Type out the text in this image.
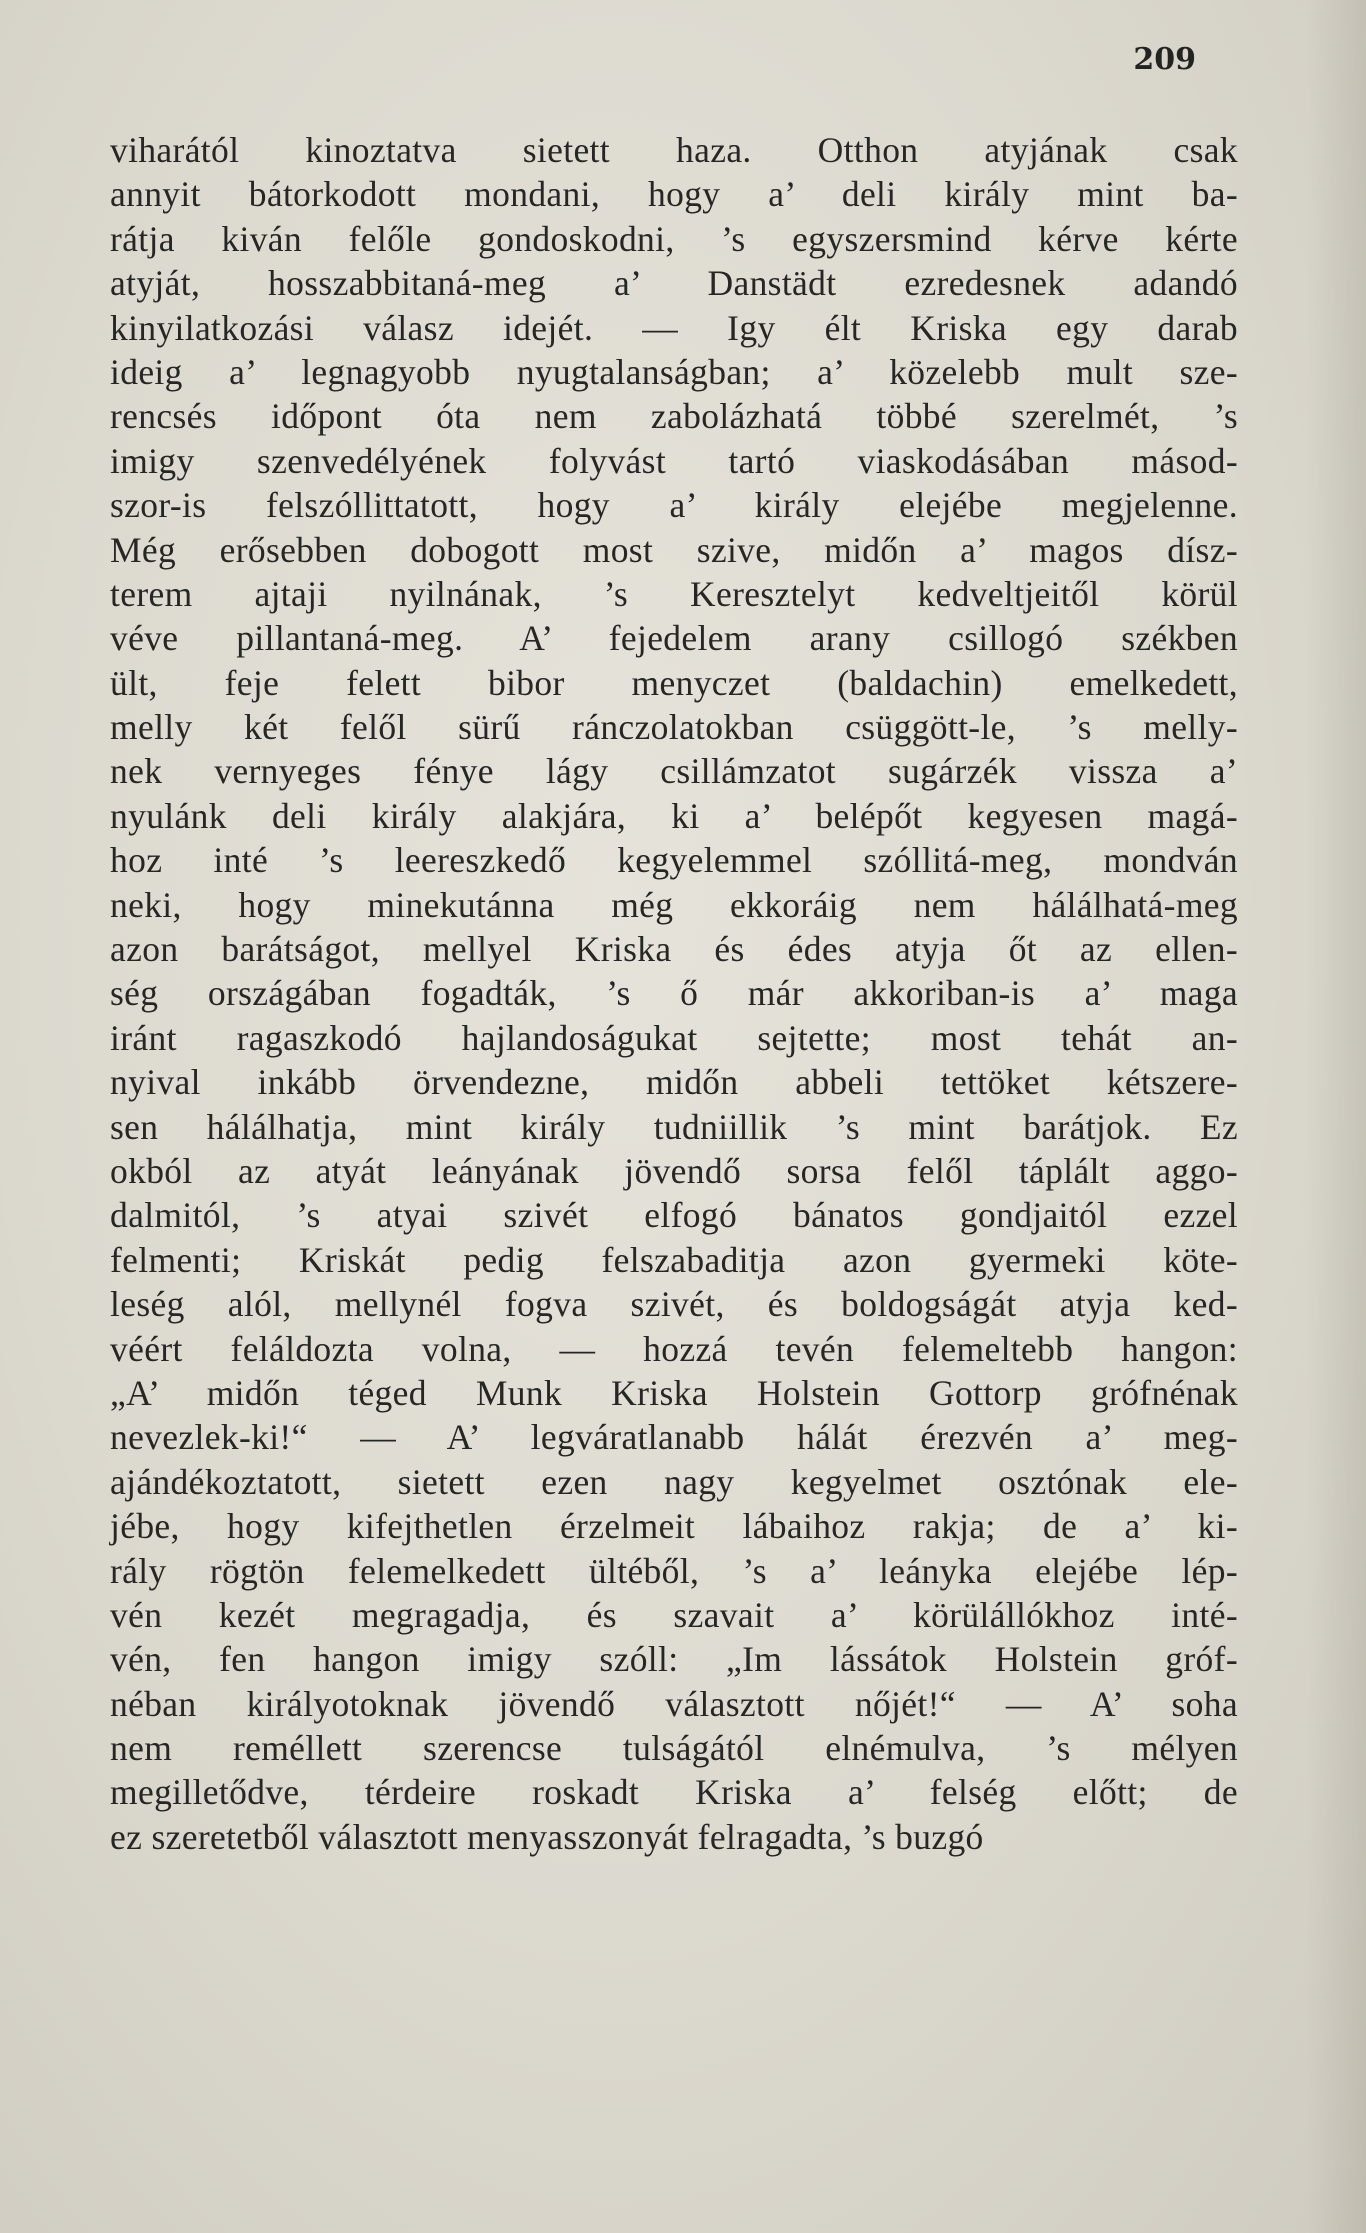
209
viharától kinoztatva sietett haza. Otthon atyjának csak
annyit bátorkodott mondani, hogy a’ deli király mint ba-
rátja kiván felőle gondoskodni, ’s egyszersmind kérve kérte
atyját, hosszabbitaná-meg a’ Danstädt ezredesnek adandó
kinyilatkozási válasz idejét. — Igy élt Kriska egy darab
ideig a’ legnagyobb nyugtalanságban; a’ közelebb mult sze-
rencsés időpont óta nem zabolázhatá többé szerelmét, ’s
imigy szenvedélyének folyvást tartó viaskodásában másod-
szor-is felszóllittatott, hogy a’ király elejébe megjelenne.
Még erősebben dobogott most szive, midőn a’ magos dísz-
terem ajtaji nyilnának, ’s Keresztelyt kedveltjeitől körül
véve pillantaná-meg. A’ fejedelem arany csillogó székben
ült, feje felett bibor menyczet (baldachin) emelkedett,
melly két felől sürű ránczolatokban csüggött-le, ’s melly-
nek vernyeges fénye lágy csillámzatot sugárzék vissza a’
nyulánk deli király alakjára, ki a’ belépőt kegyesen magá-
hoz inté ’s leereszkedő kegyelemmel szóllitá-meg, mondván
neki, hogy minekutánna még ekkoráig nem hálálhatá-meg
azon barátságot, mellyel Kriska és édes atyja őt az ellen-
ség országában fogadták, ’s ő már akkoriban-is a’ maga
iránt ragaszkodó hajlandoságukat sejtette; most tehát an-
nyival inkább örvendezne, midőn abbeli tettöket kétszere-
sen hálálhatja, mint király tudniillik ’s mint barátjok. Ez
okból az atyát leányának jövendő sorsa felől táplált aggo-
dalmitól, ’s atyai szivét elfogó bánatos gondjaitól ezzel
felmenti; Kriskát pedig felszabaditja azon gyermeki köte-
leség alól, mellynél fogva szivét, és boldogságát atyja ked-
véért feláldozta volna, — hozzá tevén felemeltebb hangon:
„A’ midőn téged Munk Kriska Holstein Gottorp grófnénak
nevezlek-ki!“ — A’ legváratlanabb hálát érezvén a’ meg-
ajándékoztatott, sietett ezen nagy kegyelmet osztónak ele-
jébe, hogy kifejthetlen érzelmeit lábaihoz rakja; de a’ ki-
rály rögtön felemelkedett ültéből, ’s a’ leányka elejébe lép-
vén kezét megragadja, és szavait a’ körülállókhoz inté-
vén, fen hangon imigy szóll: „Im lássátok Holstein gróf-
néban királyotoknak jövendő választott nőjét!“ — A’ soha
nem reméllett szerencse tulságától elnémulva, ’s mélyen
megilletődve, térdeire roskadt Kriska a’ felség előtt; de
ez szeretetből választott menyasszonyát felragadta, ’s buzgó
